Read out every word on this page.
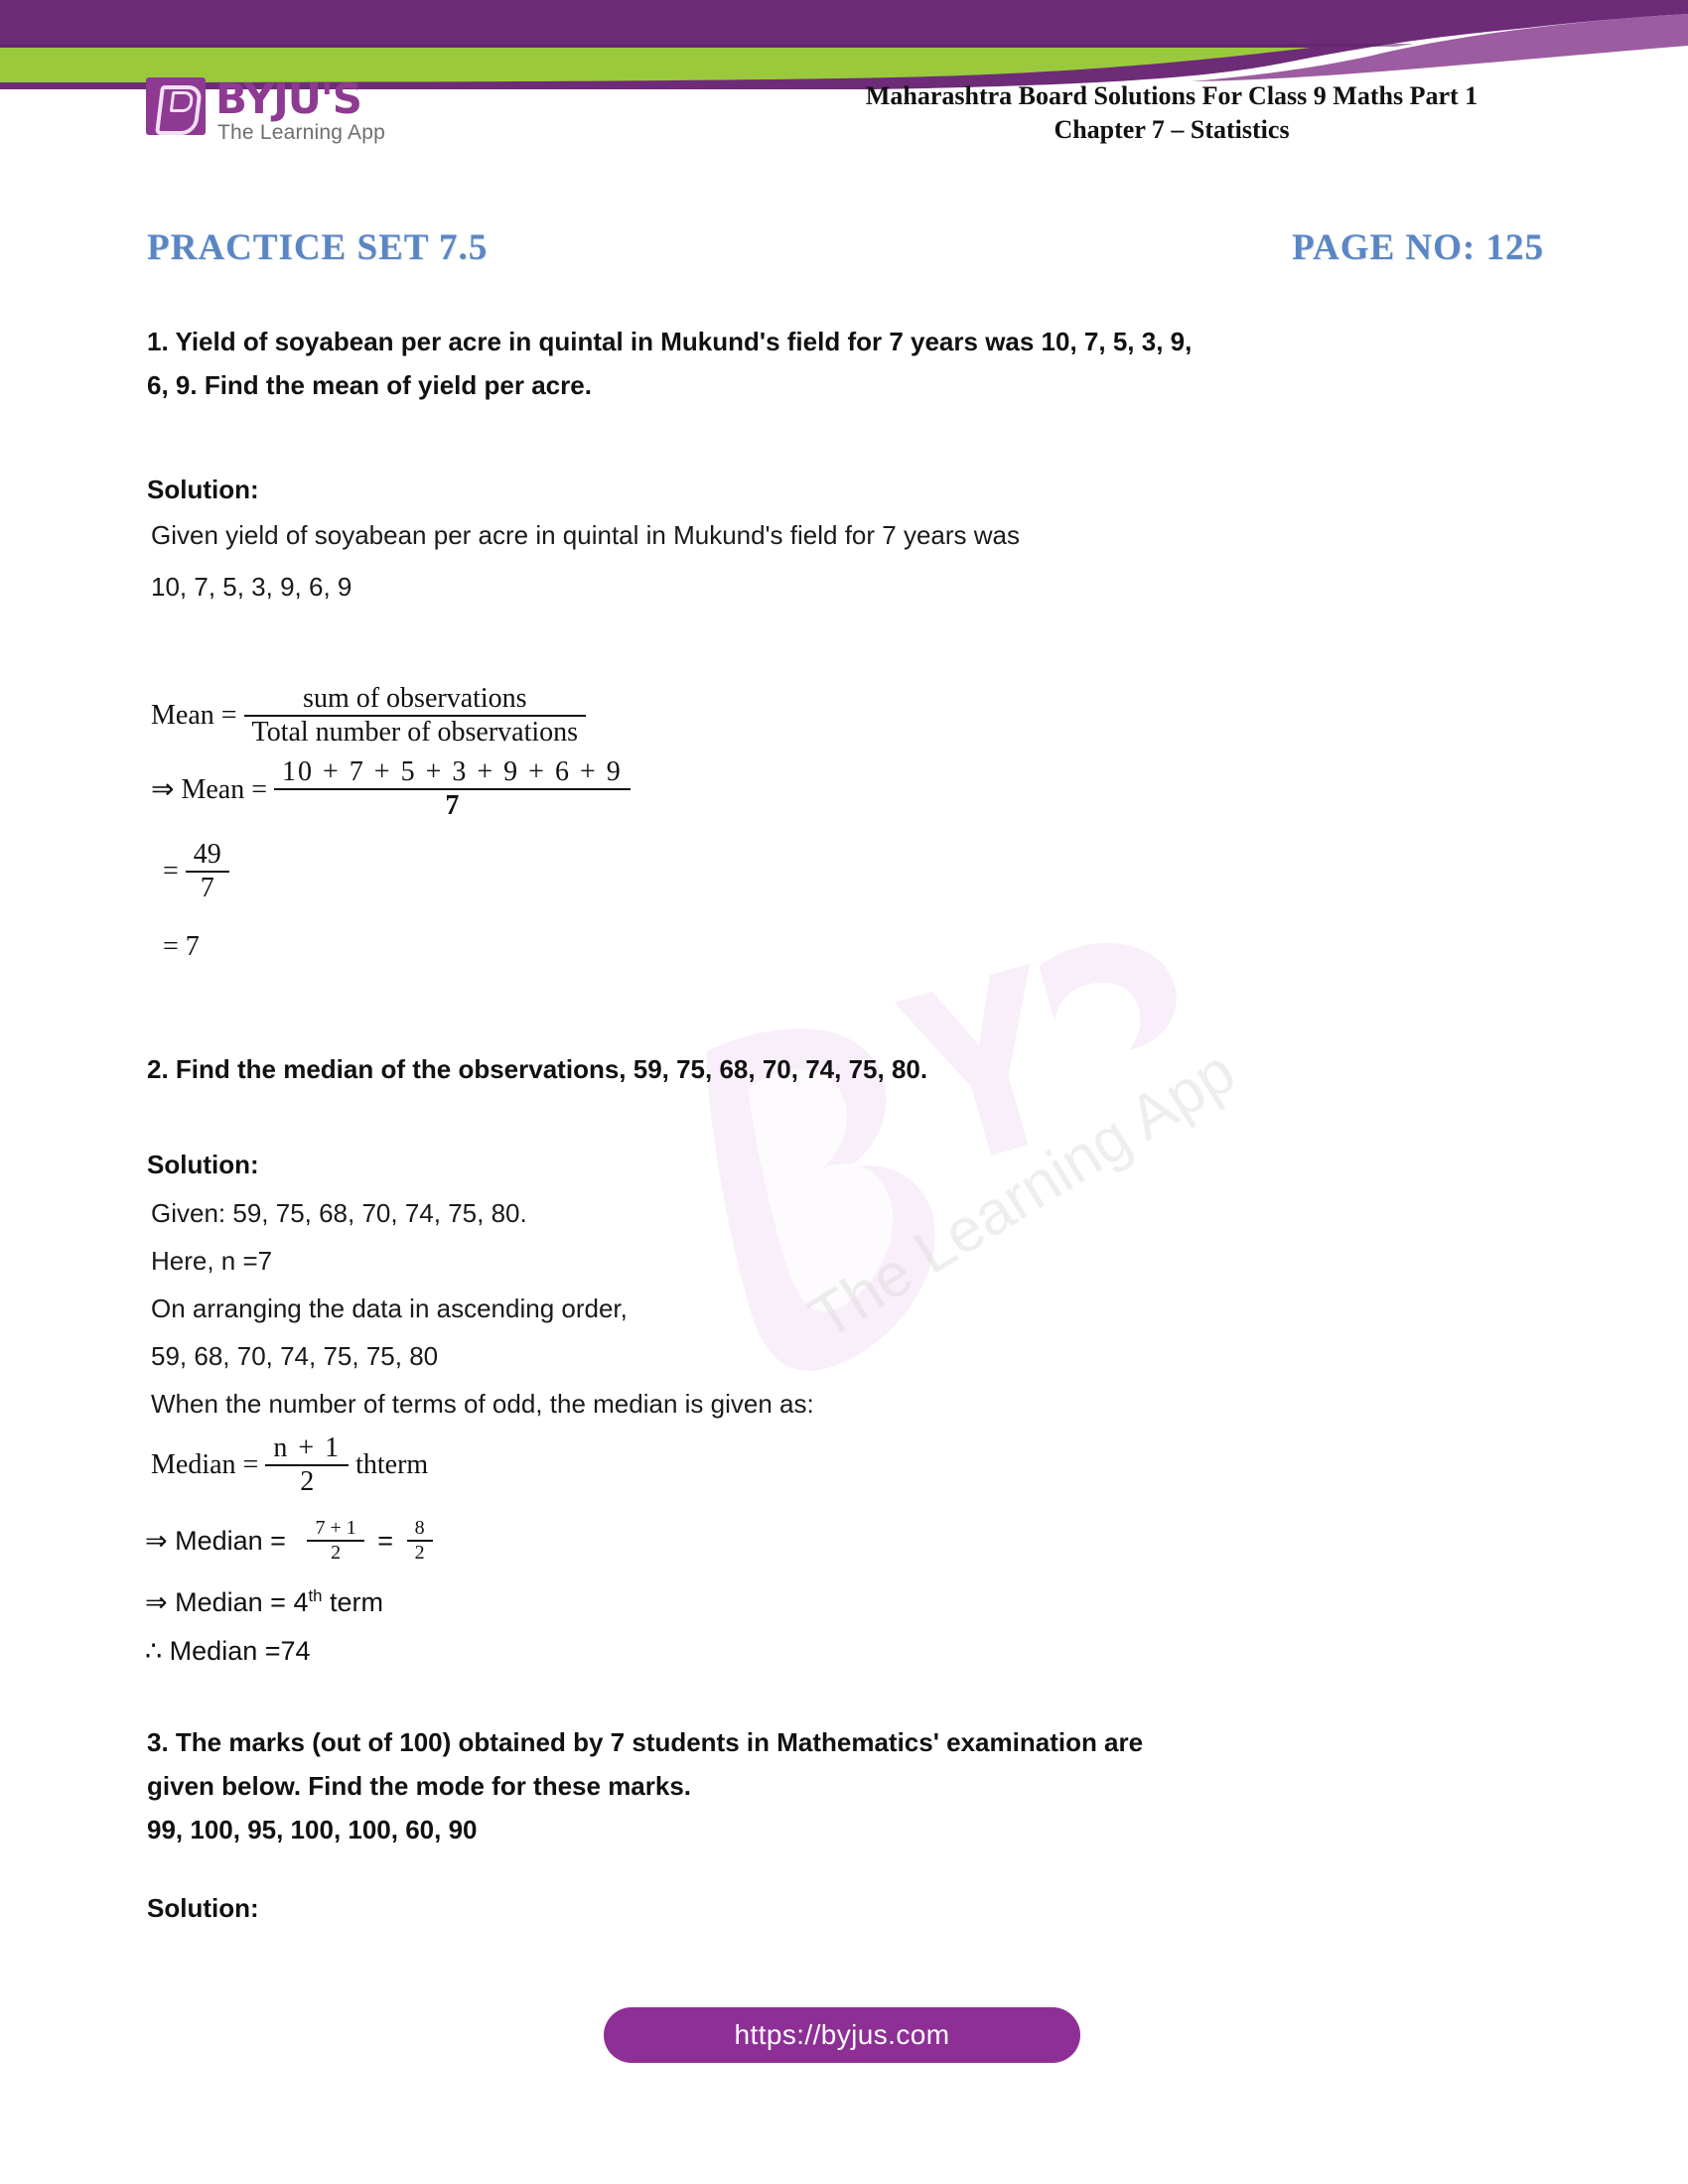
The Learning App
BYJU'S
The Learning App
Maharashtra Board Solutions For Class 9 Maths Part 1
Chapter 7 – Statistics
PRACTICE SET 7.5	PAGE NO: 125
1. Yield of soyabean per acre in quintal in Mukund's field for 7 years was 10, 7, 5, 3, 9,
6, 9. Find the mean of yield per acre.
Solution:
Given yield of soyabean per acre in quintal in Mukund's field for 7 years was
10, 7, 5, 3, 9, 6, 9
Mean = $\frac{\text{sum of observations}}{\text{Total number of observations}}$
⇒ Mean = $\frac{10 + 7 + 5 + 3 + 9 + 6 + 9}{7}$
= $\frac{49}{7}$
= 7
2. Find the median of the observations, 59, 75, 68, 70, 74, 75, 80.
Solution:
Given: 59, 75, 68, 70, 74, 75, 80.
Here, n =7
On arranging the data in ascending order,
59, 68, 70, 74, 75, 75, 80
When the number of terms of odd, the median is given as:
Median = $\frac{n + 1}{2}$ thterm
⇒ Median = $\frac{7 + 1}{2} = \frac{8}{2}$
⇒ Median = 4th term
∴ Median =74
3. The marks (out of 100) obtained by 7 students in Mathematics' examination are
given below. Find the mode for these marks.
99, 100, 95, 100, 100, 60, 90
Solution:
https://byjus.com
